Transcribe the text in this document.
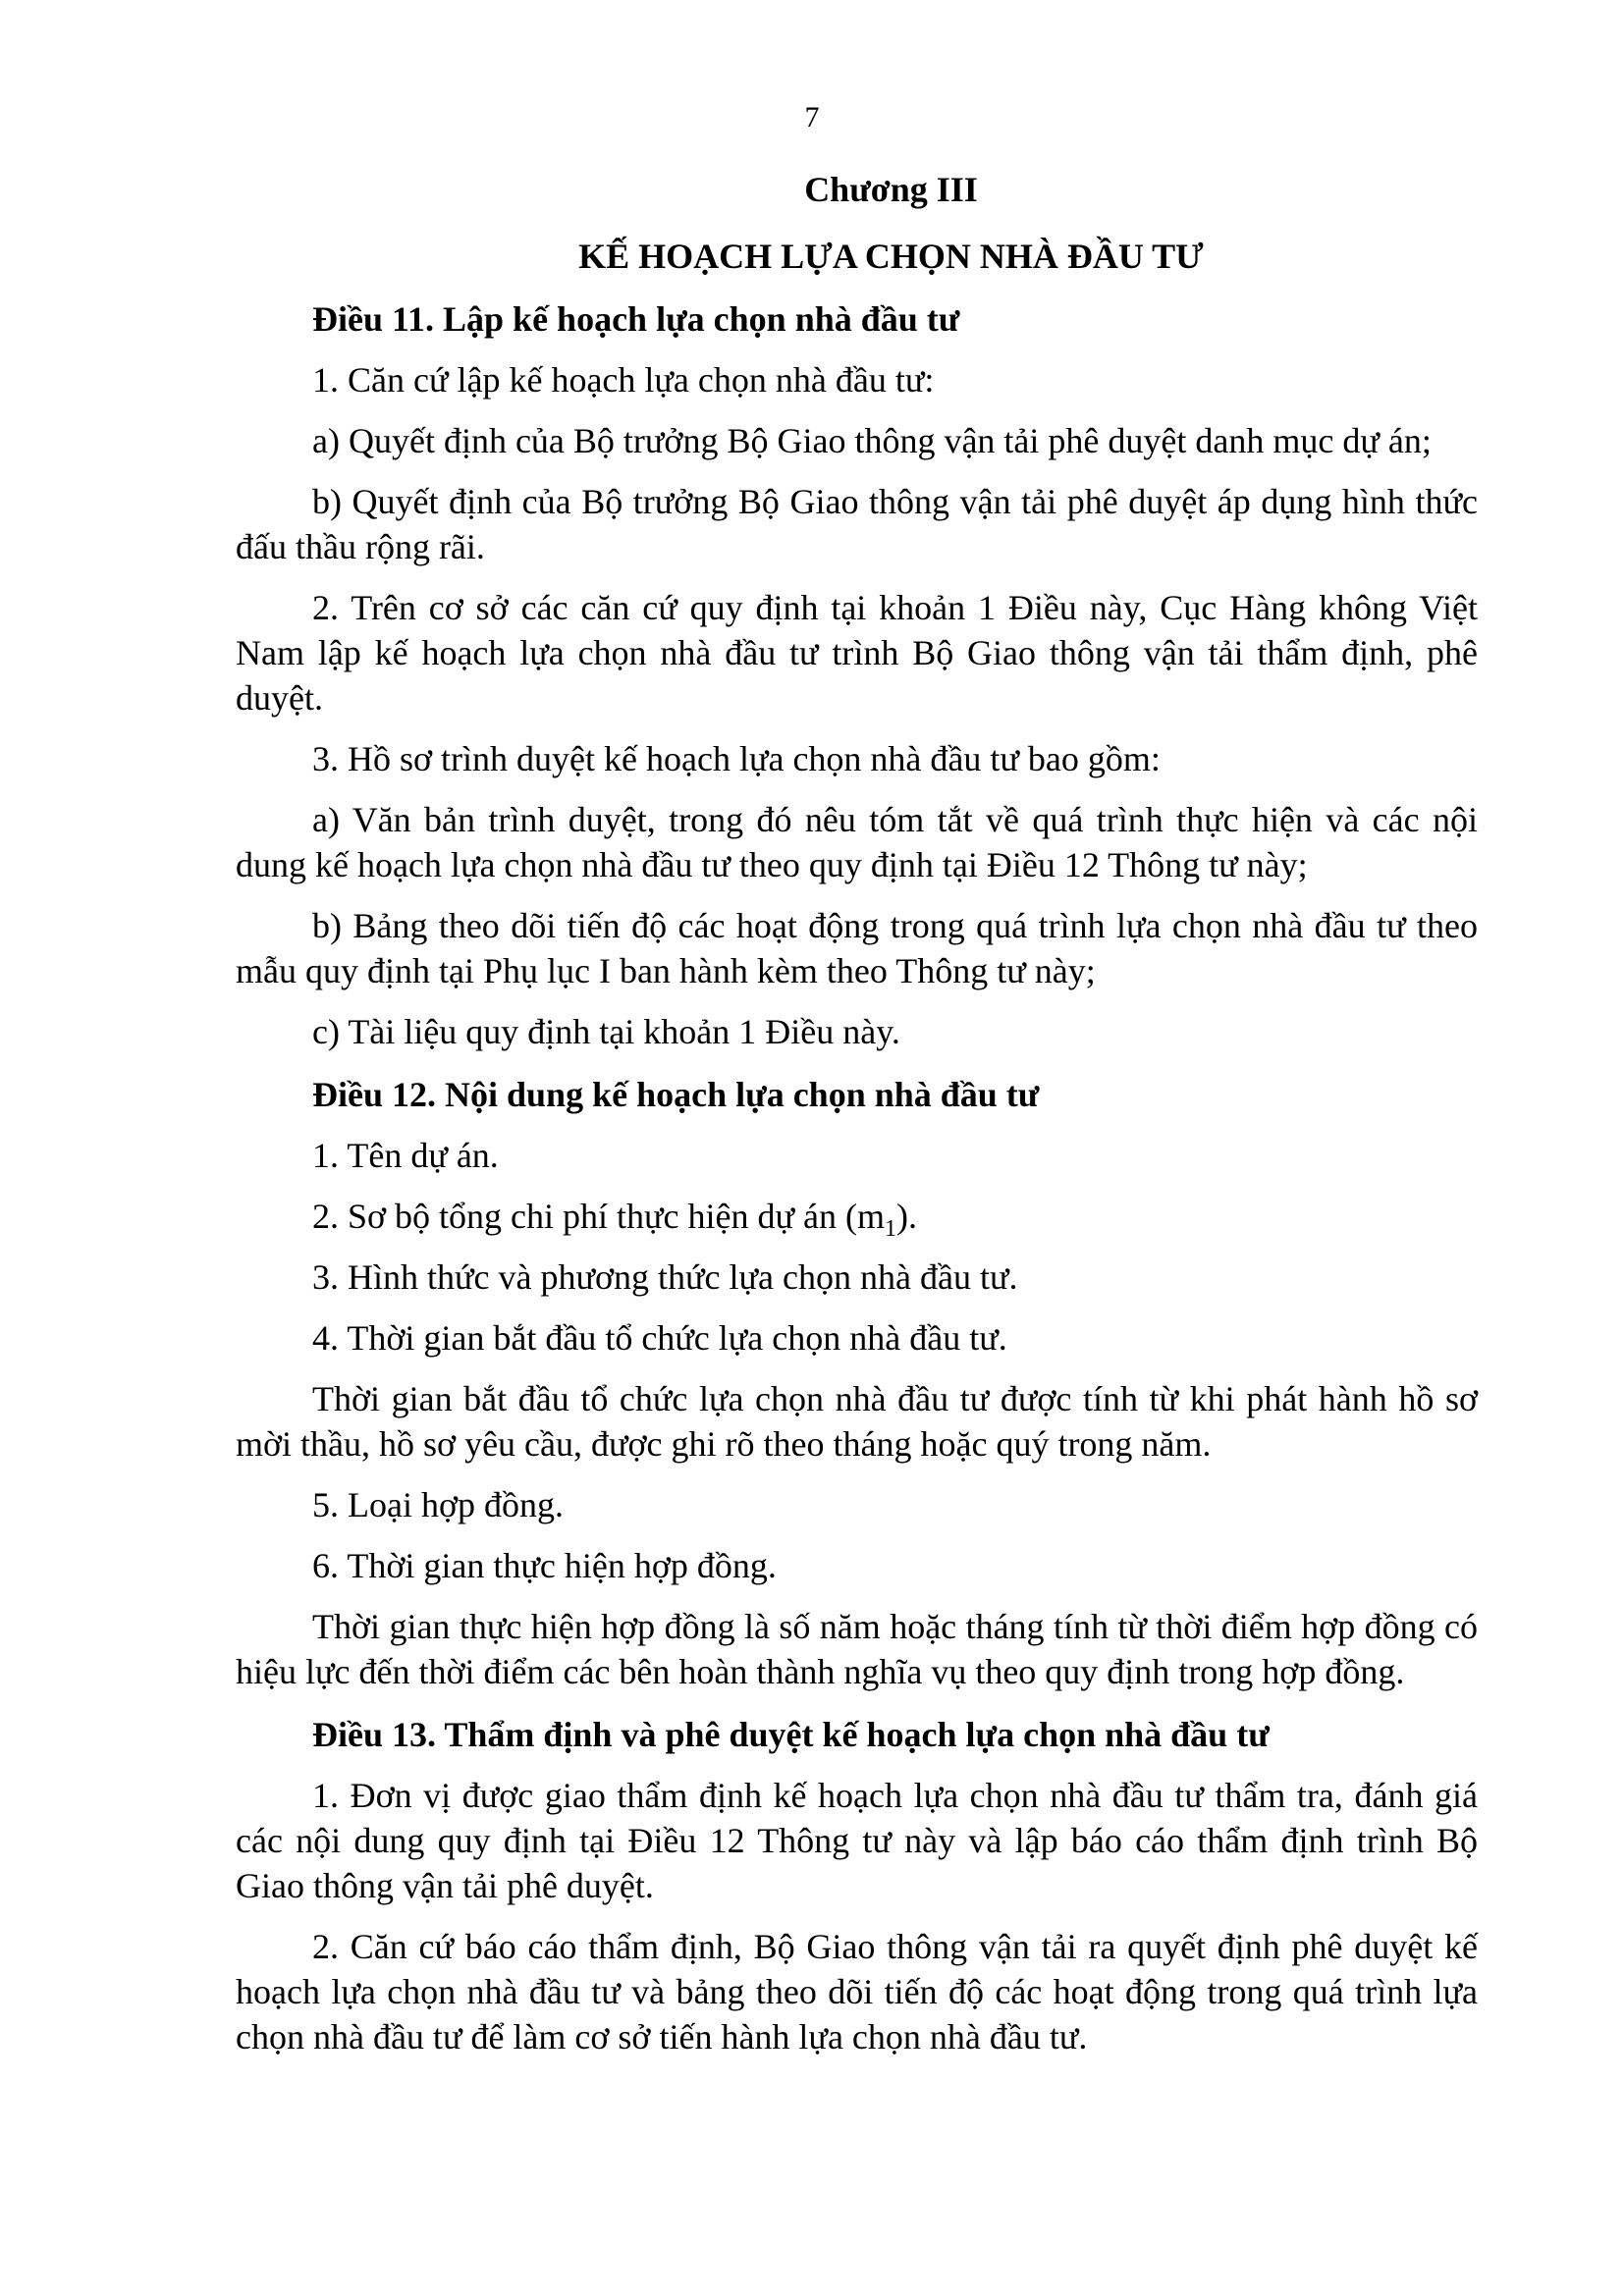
7

Chương III

KẾ HOẠCH LỰA CHỌN NHÀ ĐẦU TƯ

Điều 11. Lập kế hoạch lựa chọn nhà đầu tư

1. Căn cứ lập kế hoạch lựa chọn nhà đầu tư:

a) Quyết định của Bộ trưởng Bộ Giao thông vận tải phê duyệt danh mục dự án;

b) Quyết định của Bộ trưởng Bộ Giao thông vận tải phê duyệt áp dụng hình thức đấu thầu rộng rãi.

2. Trên cơ sở các căn cứ quy định tại khoản 1 Điều này, Cục Hàng không Việt Nam lập kế hoạch lựa chọn nhà đầu tư trình Bộ Giao thông vận tải thẩm định, phê duyệt.

3. Hồ sơ trình duyệt kế hoạch lựa chọn nhà đầu tư bao gồm:

a) Văn bản trình duyệt, trong đó nêu tóm tắt về quá trình thực hiện và các nội dung kế hoạch lựa chọn nhà đầu tư theo quy định tại Điều 12 Thông tư này;

b) Bảng theo dõi tiến độ các hoạt động trong quá trình lựa chọn nhà đầu tư theo mẫu quy định tại Phụ lục I ban hành kèm theo Thông tư này;

c) Tài liệu quy định tại khoản 1 Điều này.

Điều 12. Nội dung kế hoạch lựa chọn nhà đầu tư

1. Tên dự án.

2. Sơ bộ tổng chi phí thực hiện dự án $(m_1)$.

3. Hình thức và phương thức lựa chọn nhà đầu tư.

4. Thời gian bắt đầu tổ chức lựa chọn nhà đầu tư.

Thời gian bắt đầu tổ chức lựa chọn nhà đầu tư được tính từ khi phát hành hồ sơ mời thầu, hồ sơ yêu cầu, được ghi rõ theo tháng hoặc quý trong năm.

5. Loại hợp đồng.

6. Thời gian thực hiện hợp đồng.

Thời gian thực hiện hợp đồng là số năm hoặc tháng tính từ thời điểm hợp đồng có hiệu lực đến thời điểm các bên hoàn thành nghĩa vụ theo quy định trong hợp đồng.

Điều 13. Thẩm định và phê duyệt kế hoạch lựa chọn nhà đầu tư

1. Đơn vị được giao thẩm định kế hoạch lựa chọn nhà đầu tư thẩm tra, đánh giá các nội dung quy định tại Điều 12 Thông tư này và lập báo cáo thẩm định trình Bộ Giao thông vận tải phê duyệt.

2. Căn cứ báo cáo thẩm định, Bộ Giao thông vận tải ra quyết định phê duyệt kế hoạch lựa chọn nhà đầu tư và bảng theo dõi tiến độ các hoạt động trong quá trình lựa chọn nhà đầu tư để làm cơ sở tiến hành lựa chọn nhà đầu tư.
